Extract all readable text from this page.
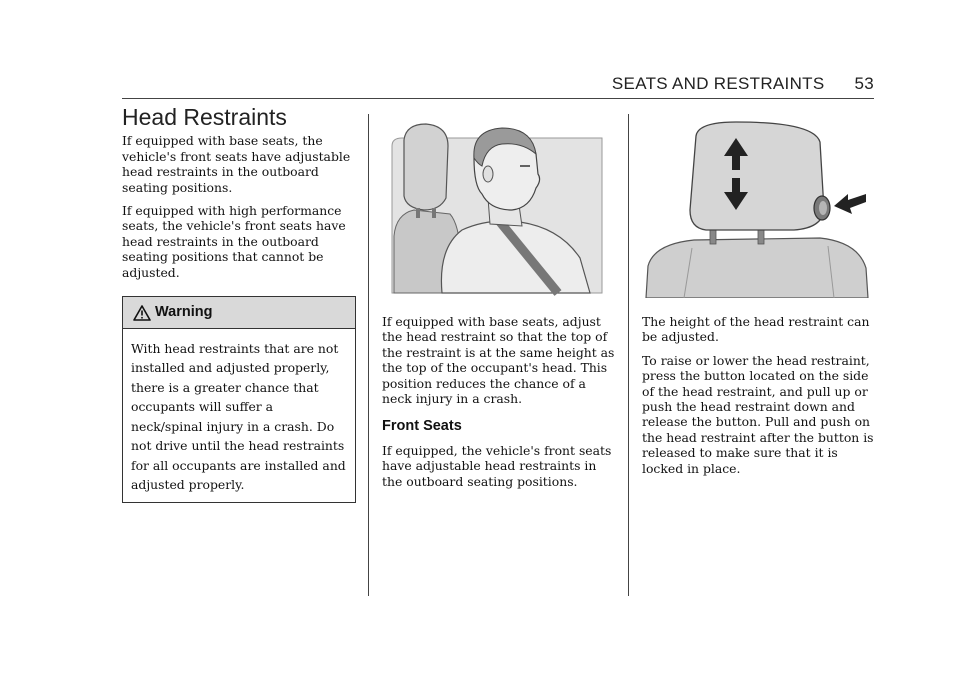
SEATS AND RESTRAINTS 53
Head Restraints

If equipped with base seats, the vehicle's front seats have adjustable head restraints in the outboard seating positions.

If equipped with high performance seats, the vehicle's front seats have head restraints in the outboard seating positions that cannot be adjusted.

Warning
With head restraints that are not installed and adjusted properly, there is a greater chance that occupants will suffer a neck/spinal injury in a crash. Do not drive until the head restraints for all occupants are installed and adjusted properly.

If equipped with base seats, adjust the head restraint so that the top of the restraint is at the same height as the top of the occupant's head. This position reduces the chance of a neck injury in a crash.

Front Seats

If equipped, the vehicle's front seats have adjustable head restraints in the outboard seating positions.

The height of the head restraint can be adjusted.

To raise or lower the head restraint, press the button located on the side of the head restraint, and pull up or push the head restraint down and release the button. Pull and push on the head restraint after the button is released to make sure that it is locked in place.
